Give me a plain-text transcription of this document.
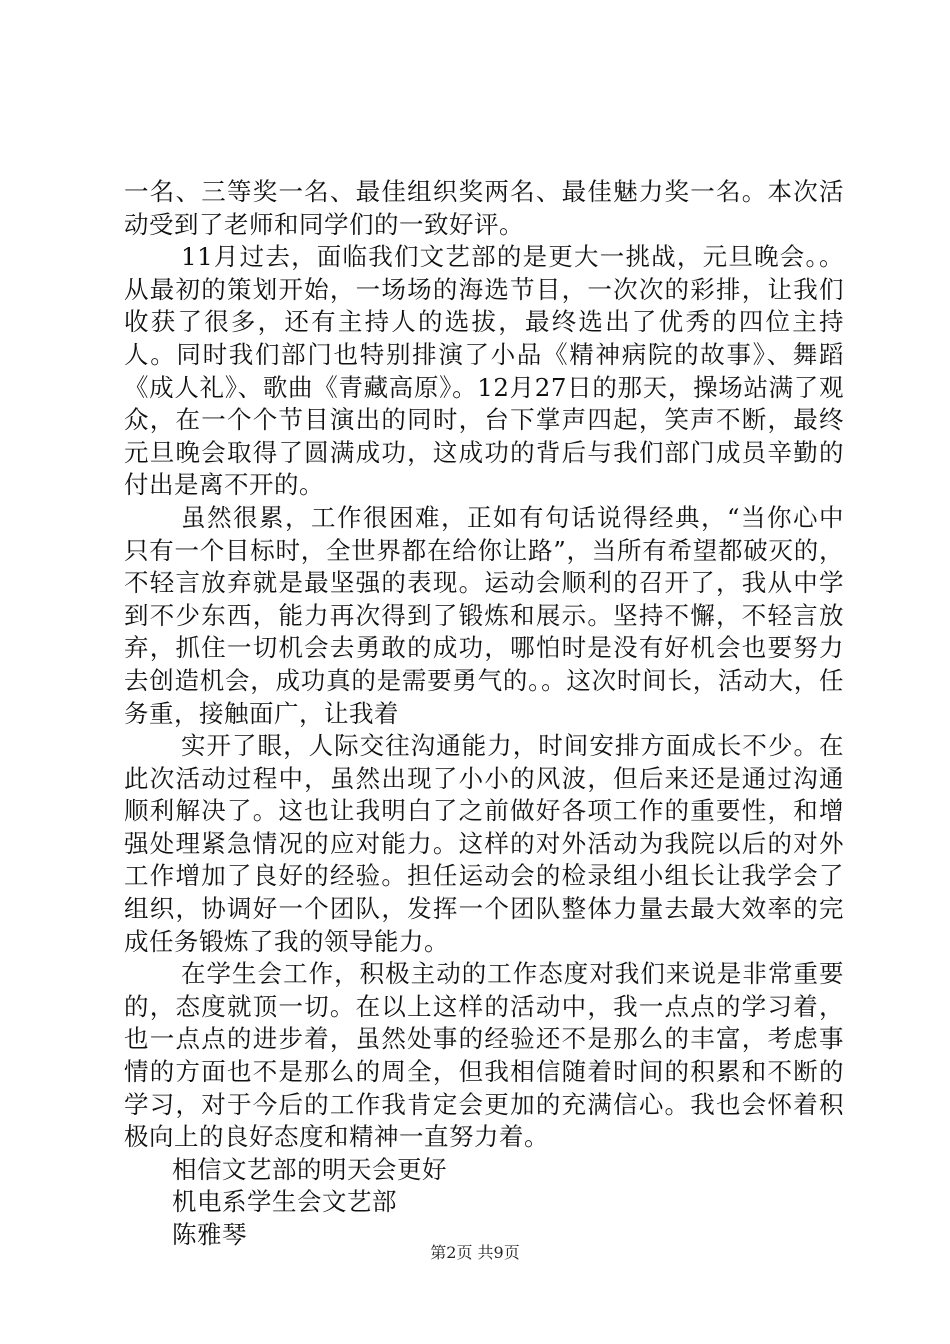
一名、三等奖一名、最佳组织奖两名、最佳魅力奖一名。本次活动受到了老师和同学们的一致好评。

11月过去，面临我们文艺部的是更大一挑战，元旦晚会。。从最初的策划开始，一场场的海选节目，一次次的彩排，让我们收获了很多，还有主持人的选拔，最终选出了优秀的四位主持人。同时我们部门也特别排演了小品《精神病院的故事》、舞蹈《成人礼》、歌曲《青藏高原》。12月27日的那天，操场站满了观众，在一个个节目演出的同时，台下掌声四起，笑声不断，最终元旦晚会取得了圆满成功，这成功的背后与我们部门成员辛勤的付出是离不开的。

虽然很累，工作很困难，正如有句话说得经典，“当你心中只有一个目标时，全世界都在给你让路”，当所有希望都破灭的，不轻言放弃就是最坚强的表现。运动会顺利的召开了，我从中学到不少东西，能力再次得到了锻炼和展示。坚持不懈，不轻言放弃，抓住一切机会去勇敢的成功，哪怕时是没有好机会也要努力去创造机会，成功真的是需要勇气的。。这次时间长，活动大，任务重，接触面广，让我着

实开了眼，人际交往沟通能力，时间安排方面成长不少。在此次活动过程中，虽然出现了小小的风波，但后来还是通过沟通顺利解决了。这也让我明白了之前做好各项工作的重要性，和增强处理紧急情况的应对能力。这样的对外活动为我院以后的对外工作增加了良好的经验。担任运动会的检录组小组长让我学会了组织，协调好一个团队，发挥一个团队整体力量去最大效率的完成任务锻炼了我的领导能力。

在学生会工作，积极主动的工作态度对我们来说是非常重要的，态度就顶一切。在以上这样的活动中，我一点点的学习着，也一点点的进步着，虽然处事的经验还不是那么的丰富，考虑事情的方面也不是那么的周全，但我相信随着时间的积累和不断的学习，对于今后的工作我肯定会更加的充满信心。我也会怀着积极向上的良好态度和精神一直努力着。

相信文艺部的明天会更好

机电系学生会文艺部

陈雅琴

第2页 共9页
